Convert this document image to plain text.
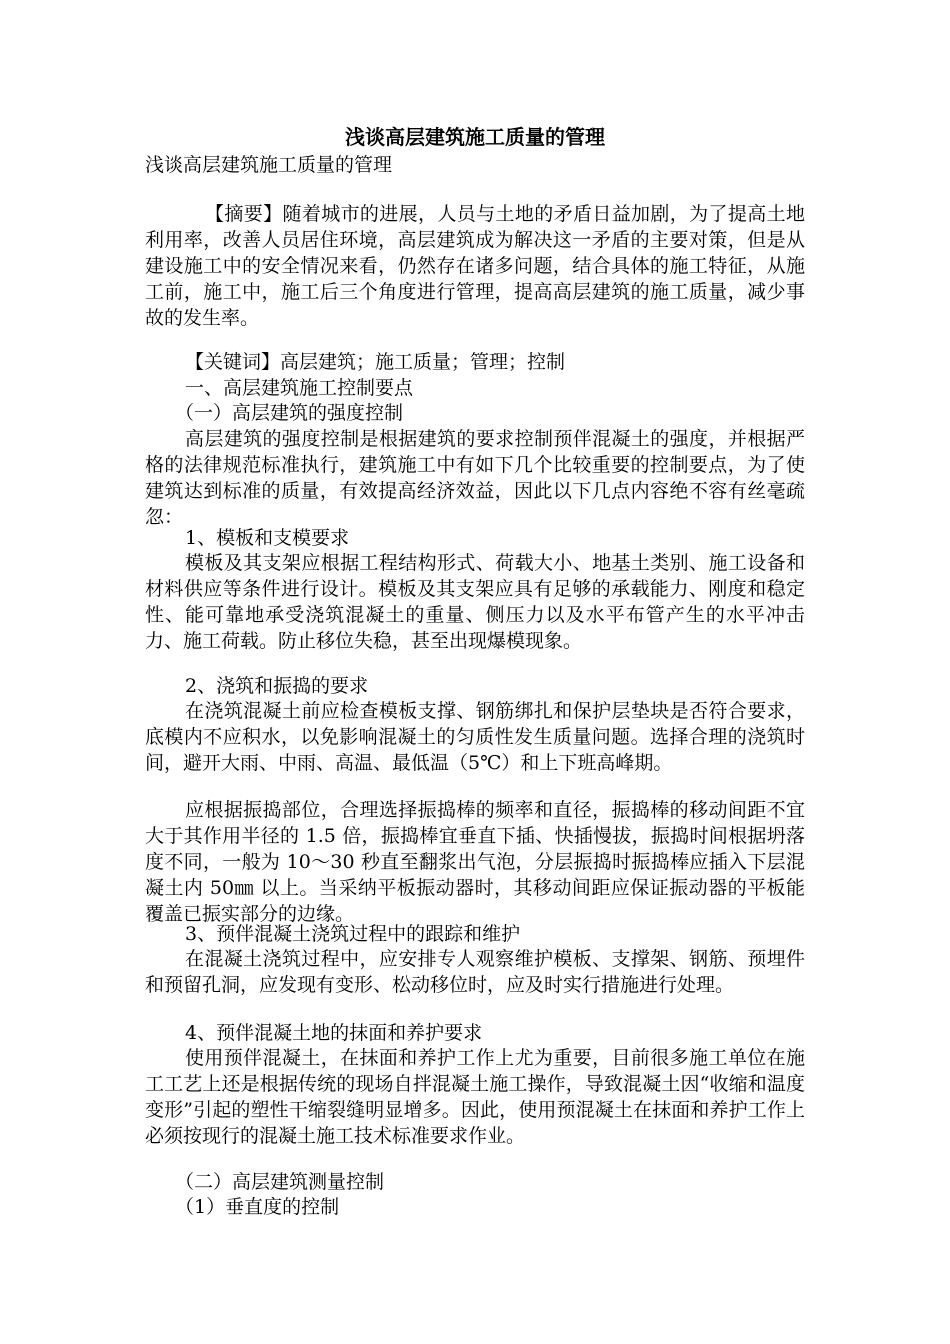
浅谈高层建筑施工质量的管理
浅谈高层建筑施工质量的管理
【摘要】随着城市的进展，人员与土地的矛盾日益加剧，为了提高土地利用率，改善人员居住环境，高层建筑成为解决这一矛盾的主要对策，但是从建设施工中的安全情况来看，仍然存在诸多问题，结合具体的施工特征，从施工前，施工中，施工后三个角度进行管理，提高高层建筑的施工质量，减少事故的发生率。
【关键词】高层建筑；施工质量；管理；控制
一、高层建筑施工控制要点
（一）高层建筑的强度控制
高层建筑的强度控制是根据建筑的要求控制预伴混凝土的强度，并根据严格的法律规范标准执行，建筑施工中有如下几个比较重要的控制要点，为了使建筑达到标准的质量，有效提高经济效益，因此以下几点内容绝不容有丝毫疏忽：
1、模板和支模要求
模板及其支架应根据工程结构形式、荷载大小、地基土类别、施工设备和材料供应等条件进行设计。模板及其支架应具有足够的承载能力、刚度和稳定性、能可靠地承受浇筑混凝土的重量、侧压力以及水平布管产生的水平冲击力、施工荷载。防止移位失稳，甚至出现爆模现象。
2、浇筑和振捣的要求
在浇筑混凝土前应检查模板支撑、钢筋绑扎和保护层垫块是否符合要求，底模内不应积水，以免影响混凝土的匀质性发生质量问题。选择合理的浇筑时间，避开大雨、中雨、高温、最低温（5℃）和上下班高峰期。
应根据振捣部位，合理选择振捣棒的频率和直径，振捣棒的移动间距不宜大于其作用半径的 1.5 倍，振捣棒宜垂直下插、快插慢拔，振捣时间根据坍落度不同，一般为 10～30 秒直至翻浆出气泡，分层振捣时振捣棒应插入下层混凝土内 50㎜ 以上。当采纳平板振动器时，其移动间距应保证振动器的平板能覆盖已振实部分的边缘。
3、预伴混凝土浇筑过程中的跟踪和维护
在混凝土浇筑过程中，应安排专人观察维护模板、支撑架、钢筋、预埋件和预留孔洞，应发现有变形、松动移位时，应及时实行措施进行处理。
4、预伴混凝土地的抹面和养护要求
使用预伴混凝土，在抹面和养护工作上尤为重要，目前很多施工单位在施工工艺上还是根据传统的现场自拌混凝土施工操作，导致混凝土因“收缩和温度变形”引起的塑性干缩裂缝明显增多。因此，使用预混凝土在抹面和养护工作上必须按现行的混凝土施工技术标准要求作业。
（二）高层建筑测量控制
（1）垂直度的控制
